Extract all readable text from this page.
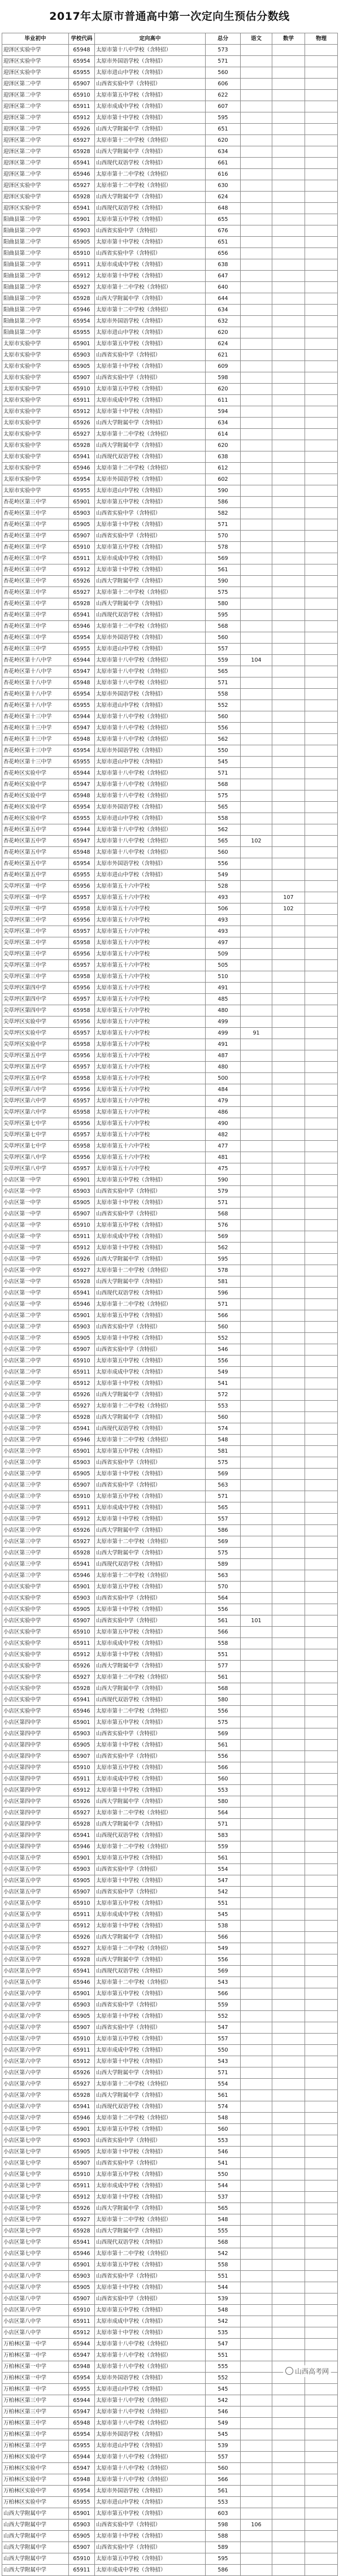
2017年太原市普通高中第一次定向生预估分数线
毕业初中	学校代码	定向高中	总分	语文	数学	物理
迎泽区实验中学	65948	太原市第十八中学校（含特招）	573			
迎泽区实验中学	65954	太原市外国语学校（含特招）	571			
迎泽区实验中学	65955	太原市进山中学校（含特招）	560			
迎泽区第二中学	65907	山西省实验中学（含特招）	606			
迎泽区第二中学	65910	太原市第五中学校（含特招）	622			
迎泽区第二中学	65911	太原市成成中学校（含特招）	607			
迎泽区第二中学	65912	太原市第十中学校（含特招）	595			
迎泽区第二中学	65926	山西大学附属中学（含特招）	651			
迎泽区第二中学	65927	太原市第十二中学校（含特招）	620			
迎泽区第二中学	65928	山西大学附属中学（含特招）	634			
迎泽区第二中学	65941	山西现代双语学校（含特招）	661			
迎泽区第二中学	65946	太原市第十二中学校（含特招）	616			
迎泽区实验中学	65927	太原市第十二中学校（含特招）	630			
迎泽区实验中学	65928	山西大学附属中学（含特招）	624			
迎泽区实验中学	65941	山西现代双语学校（含特招）	648			
阳曲县第二中学	65901	太原市第五中学校（含特招）	655			
阳曲县第二中学	65903	山西省实验中学（含特招）	676			
阳曲县第二中学	65905	太原市第十中学校（含特招）	651			
阳曲县第二中学	65910	山西省实验中学（含特招）	656			
阳曲县第二中学	65911	太原市成成中学校（含特招）	638			
阳曲县第二中学	65912	太原市第十中学校（含特招）	647			
阳曲县第二中学	65927	太原市第十二中学校（含特招）	640			
阳曲县第二中学	65928	山西大学附属中学（含特招）	644			
阳曲县第二中学	65946	太原市第十二中学校（含特招）	634			
阳曲县第二中学	65954	太原市外国语学校（含特招）	632			
阳曲县第二中学	65955	太原市进山中学校（含特招）	620			
太原市实验中学	65901	太原市第五中学校（含特招）	624			
太原市实验中学	65903	山西省实验中学（含特招）	621			
太原市实验中学	65905	太原市第十中学校（含特招）	609			
太原市实验中学	65907	山西省实验中学（含特招）	598			
太原市实验中学	65910	太原市第五中学校（含特招）	620			
太原市实验中学	65911	太原市成成中学校（含特招）	611			
太原市实验中学	65912	太原市第十中学校（含特招）	594			
太原市实验中学	65926	山西大学附属中学（含特招）	634			
太原市实验中学	65927	太原市第十二中学校（含特招）	614			
太原市实验中学	65928	山西大学附属中学（含特招）	620			
太原市实验中学	65941	山西现代双语学校（含特招）	638			
太原市实验中学	65946	太原市第十二中学校（含特招）	612			
太原市实验中学	65954	太原市外国语学校（含特招）	602			
太原市实验中学	65955	太原市进山中学校（含特招）	590			
杏花岭区第三中学	65901	太原市第五中学校（含特招）	586			
杏花岭区第三中学	65903	山西省实验中学（含特招）	582			
杏花岭区第三中学	65905	太原市第十中学校（含特招）	571			
杏花岭区第三中学	65907	山西省实验中学（含特招）	570			
杏花岭区第三中学	65910	太原市第五中学校（含特招）	578			
杏花岭区第三中学	65911	太原市成成中学校（含特招）	569			
杏花岭区第三中学	65912	太原市第十中学校（含特招）	561			
杏花岭区第三中学	65926	山西大学附属中学（含特招）	590			
杏花岭区第三中学	65927	太原市第十二中学校（含特招）	575			
杏花岭区第三中学	65928	山西大学附属中学（含特招）	580			
杏花岭区第三中学	65941	山西现代双语学校（含特招）	595			
杏花岭区第三中学	65946	太原市第十二中学校（含特招）	568			
杏花岭区第三中学	65954	太原市外国语学校（含特招）	560			
杏花岭区第三中学	65955	太原市进山中学校（含特招）	557			
杏花岭区第十八中学	65944	太原市第十八中学校（含特招）	559	104		
杏花岭区第十八中学	65947	太原市第十八中学校（含特招）	565			
杏花岭区第十八中学	65948	太原市第十八中学校（含特招）	571			
杏花岭区第十八中学	65954	太原市外国语学校（含特招）	558			
杏花岭区第十八中学	65955	太原市进山中学校（含特招）	552			
杏花岭区第十三中学	65944	太原市第十八中学校（含特招）	560			
杏花岭区第十三中学	65947	太原市第十八中学校（含特招）	556			
杏花岭区第十三中学	65948	太原市第十八中学校（含特招）	562			
杏花岭区第十三中学	65954	太原市外国语学校（含特招）	550			
杏花岭区第十三中学	65955	太原市进山中学校（含特招）	545			
杏花岭区实验中学	65944	太原市第十八中学校（含特招）	571			
杏花岭区实验中学	65947	太原市第十八中学校（含特招）	568			
杏花岭区实验中学	65948	太原市第十八中学校（含特招）	575			
杏花岭区实验中学	65954	太原市外国语学校（含特招）	565			
杏花岭区实验中学	65955	太原市进山中学校（含特招）	558			
杏花岭区第五中学	65944	太原市第十八中学校（含特招）	562			
杏花岭区第五中学	65947	太原市第十八中学校（含特招）	565	102		
杏花岭区第五中学	65948	太原市第十八中学校（含特招）	560			
杏花岭区第五中学	65954	太原市外国语学校（含特招）	556			
杏花岭区第五中学	65955	太原市进山中学校（含特招）	549			
尖草坪区第一中学	65956	太原市第五十六中学校	528			
尖草坪区第一中学	65957	太原市第五十六中学校	493		107	
尖草坪区第一中学	65958	太原市第五十六中学校	506		102	
尖草坪区第二中学	65956	太原市第五十六中学校	493			
尖草坪区第二中学	65957	太原市第五十六中学校	493			
尖草坪区第二中学	65958	太原市第五十六中学校	497			
尖草坪区第三中学	65956	太原市第五十六中学校	509			
尖草坪区第三中学	65957	太原市第五十六中学校	505			
尖草坪区第三中学	65958	太原市第五十六中学校	510			
尖草坪区第四中学	65956	太原市第五十六中学校	491			
尖草坪区第四中学	65957	太原市第五十六中学校	485			
尖草坪区第四中学	65958	太原市第五十六中学校	480			
尖草坪区实验中学	65956	太原市第五十六中学校	499			
尖草坪区实验中学	65957	太原市第五十六中学校	499	91		
尖草坪区实验中学	65958	太原市第五十六中学校	491			
尖草坪区第五中学	65956	太原市第五十六中学校	487			
尖草坪区第五中学	65957	太原市第五十六中学校	480			
尖草坪区第五中学	65958	太原市第五十六中学校	500			
尖草坪区第六中学	65956	太原市第五十六中学校	484			
尖草坪区第六中学	65957	太原市第五十六中学校	479			
尖草坪区第六中学	65958	太原市第五十六中学校	486			
尖草坪区第七中学	65956	太原市第五十六中学校	490			
尖草坪区第七中学	65957	太原市第五十六中学校	482			
尖草坪区第七中学	65958	太原市第五十六中学校	477			
尖草坪区第八中学	65956	太原市第五十六中学校	481			
尖草坪区第八中学	65957	太原市第五十六中学校	475			
小店区第一中学	65901	太原市第五中学校（含特招）	590			
小店区第一中学	65903	山西省实验中学（含特招）	579			
小店区第一中学	65905	太原市第十中学校（含特招）	571			
小店区第一中学	65907	山西省实验中学（含特招）	568			
小店区第一中学	65910	太原市第五中学校（含特招）	576			
小店区第一中学	65911	太原市成成中学校（含特招）	569			
小店区第一中学	65912	太原市第十中学校（含特招）	562			
小店区第一中学	65926	山西大学附属中学（含特招）	595			
小店区第一中学	65927	太原市第十二中学校（含特招）	578			
小店区第一中学	65928	山西大学附属中学（含特招）	581			
小店区第一中学	65941	山西现代双语学校（含特招）	596			
小店区第一中学	65946	太原市第十二中学校（含特招）	571			
小店区第二中学	65901	太原市第五中学校（含特招）	566			
小店区第二中学	65903	山西省实验中学（含特招）	560			
小店区第二中学	65905	太原市第十中学校（含特招）	552			
小店区第二中学	65907	山西省实验中学（含特招）	546			
小店区第二中学	65910	太原市第五中学校（含特招）	556			
小店区第二中学	65911	太原市成成中学校（含特招）	549			
小店区第二中学	65912	太原市第十中学校（含特招）	541			
小店区第二中学	65926	山西大学附属中学（含特招）	572			
小店区第二中学	65927	太原市第十二中学校（含特招）	553			
小店区第二中学	65928	山西大学附属中学（含特招）	560			
小店区第二中学	65941	山西现代双语学校（含特招）	574			
小店区第二中学	65946	太原市第十二中学校（含特招）	548			
小店区第三中学	65901	太原市第五中学校（含特招）	581			
小店区第三中学	65903	山西省实验中学（含特招）	575			
小店区第三中学	65905	太原市第十中学校（含特招）	569			
小店区第三中学	65907	山西省实验中学（含特招）	563			
小店区第三中学	65910	太原市第五中学校（含特招）	571			
小店区第三中学	65911	太原市成成中学校（含特招）	565			
小店区第三中学	65912	太原市第十中学校（含特招）	557			
小店区第三中学	65926	山西大学附属中学（含特招）	586			
小店区第三中学	65927	太原市第十二中学校（含特招）	569			
小店区第三中学	65928	山西大学附属中学（含特招）	575			
小店区第三中学	65941	山西现代双语学校（含特招）	589			
小店区第三中学	65946	太原市第十二中学校（含特招）	563			
小店区实验中学	65901	太原市第五中学校（含特招）	570			
小店区实验中学	65903	山西省实验中学（含特招）	564			
小店区实验中学	65905	太原市第十中学校（含特招）	556			
小店区实验中学	65907	山西省实验中学（含特招）	561	101		
小店区实验中学	65910	太原市第五中学校（含特招）	566			
小店区实验中学	65911	太原市成成中学校（含特招）	558			
小店区实验中学	65912	太原市第十中学校（含特招）	551			
小店区实验中学	65926	山西大学附属中学（含特招）	577			
小店区实验中学	65927	太原市第十二中学校（含特招）	561			
小店区实验中学	65928	山西大学附属中学（含特招）	568			
小店区实验中学	65941	山西现代双语学校（含特招）	580			
小店区实验中学	65946	太原市第十二中学校（含特招）	556			
小店区第四中学	65901	太原市第五中学校（含特招）	575			
小店区第四中学	65903	山西省实验中学（含特招）	569			
小店区第四中学	65905	太原市第十中学校（含特招）	561			
小店区第四中学	65907	山西省实验中学（含特招）	556			
小店区第四中学	65910	太原市第五中学校（含特招）	566			
小店区第四中学	65911	太原市成成中学校（含特招）	560			
小店区第四中学	65912	太原市第十中学校（含特招）	553			
小店区第四中学	65926	山西大学附属中学（含特招）	580			
小店区第四中学	65927	太原市第十二中学校（含特招）	564			
小店区第四中学	65928	山西大学附属中学（含特招）	571			
小店区第四中学	65941	山西现代双语学校（含特招）	583			
小店区第四中学	65946	太原市第十二中学校（含特招）	559			
小店区第五中学	65901	太原市第五中学校（含特招）	561			
小店区第五中学	65903	山西省实验中学（含特招）	554			
小店区第五中学	65905	太原市第十中学校（含特招）	547			
小店区第五中学	65907	山西省实验中学（含特招）	542			
小店区第五中学	65910	太原市第五中学校（含特招）	551			
小店区第五中学	65911	太原市成成中学校（含特招）	545			
小店区第五中学	65912	太原市第十中学校（含特招）	538			
小店区第五中学	65926	山西大学附属中学（含特招）	566			
小店区第五中学	65927	太原市第十二中学校（含特招）	549			
小店区第五中学	65928	山西大学附属中学（含特招）	556			
小店区第五中学	65941	山西现代双语学校（含特招）	569			
小店区第五中学	65946	太原市第十二中学校（含特招）	543			
小店区第六中学	65901	太原市第五中学校（含特招）	566			
小店区第六中学	65903	山西省实验中学（含特招）	559			
小店区第六中学	65905	太原市第十中学校（含特招）	552			
小店区第六中学	65907	山西省实验中学（含特招）	547			
小店区第六中学	65910	太原市第五中学校（含特招）	557			
小店区第六中学	65911	太原市成成中学校（含特招）	550			
小店区第六中学	65912	太原市第十中学校（含特招）	543			
小店区第六中学	65926	山西大学附属中学（含特招）	571			
小店区第六中学	65927	太原市第十二中学校（含特招）	554			
小店区第六中学	65928	山西大学附属中学（含特招）	561			
小店区第六中学	65941	山西现代双语学校（含特招）	574			
小店区第六中学	65946	太原市第十二中学校（含特招）	548			
小店区第七中学	65901	太原市第五中学校（含特招）	560			
小店区第七中学	65903	山西省实验中学（含特招）	553			
小店区第七中学	65905	太原市第十中学校（含特招）	546			
小店区第七中学	65907	山西省实验中学（含特招）	541			
小店区第七中学	65910	太原市第五中学校（含特招）	550			
小店区第七中学	65911	太原市成成中学校（含特招）	544			
小店区第七中学	65912	太原市第十中学校（含特招）	537			
小店区第七中学	65926	山西大学附属中学（含特招）	565			
小店区第七中学	65927	太原市第十二中学校（含特招）	548			
小店区第七中学	65928	山西大学附属中学（含特招）	555			
小店区第七中学	65941	山西现代双语学校（含特招）	568			
小店区第七中学	65946	太原市第十二中学校（含特招）	542			
小店区第八中学	65901	太原市第五中学校（含特招）	558			
小店区第八中学	65903	山西省实验中学（含特招）	551			
小店区第八中学	65905	太原市第十中学校（含特招）	544			
小店区第八中学	65907	山西省实验中学（含特招）	539			
小店区第八中学	65910	太原市第五中学校（含特招）	548			
小店区第八中学	65911	太原市成成中学校（含特招）	542			
小店区第八中学	65912	太原市第十中学校（含特招）	535			
万柏林区第一中学	65944	太原市第十八中学校（含特招）	547			
万柏林区第一中学	65947	太原市第十八中学校（含特招）	551			
万柏林区第一中学	65948	太原市第十八中学校（含特招）	555			
万柏林区第一中学	65954	太原市外国语学校（含特招）	552			
万柏林区第一中学	65955	太原市进山中学校（含特招）	545			
万柏林区第三中学	65944	太原市第十八中学校（含特招）	542			
万柏林区第三中学	65947	太原市第十八中学校（含特招）	546			
万柏林区第三中学	65948	太原市第十八中学校（含特招）	549			
万柏林区第三中学	65954	太原市外国语学校（含特招）	545			
万柏林区第三中学	65955	太原市进山中学校（含特招）	539			
万柏林区实验中学	65944	太原市第十八中学校（含特招）	557			
万柏林区实验中学	65947	太原市第十八中学校（含特招）	560			
万柏林区实验中学	65948	太原市第十八中学校（含特招）	566			
万柏林区实验中学	65954	太原市外国语学校（含特招）	561			
万柏林区实验中学	65955	太原市进山中学校（含特招）	553			
山西大学附属中学	65901	太原市第五中学校（含特招）	603			
山西大学附属中学	65903	山西省实验中学（含特招）	598	106		
山西大学附属中学	65905	太原市第十中学校（含特招）	588			
山西大学附属中学	65907	山西省实验中学（含特招）	589			
山西大学附属中学	65910	太原市第五中学校（含特招）	595			
山西大学附属中学	65911	太原市成成中学校（含特招）	586			
山西高考网
